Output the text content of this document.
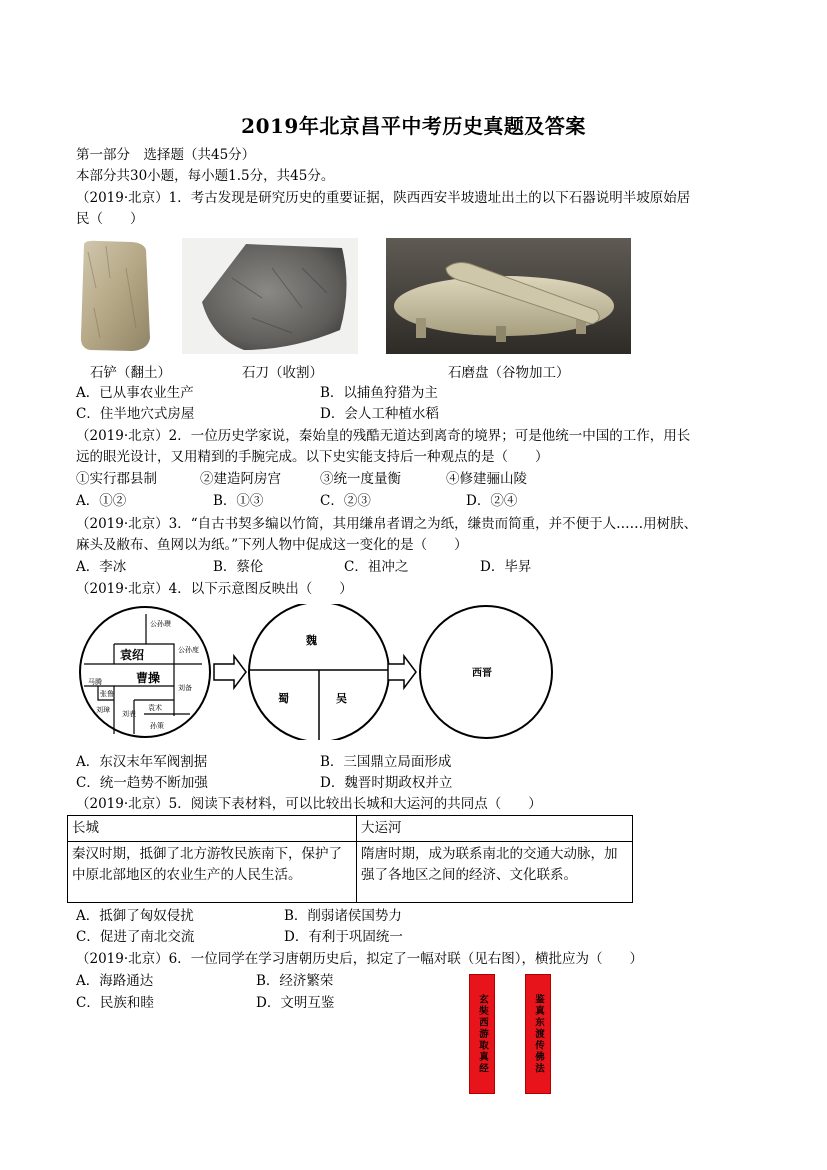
2019年北京昌平中考历史真题及答案
第一部分　选择题（共45分）
本部分共30小题，每小题1.5分，共45分。
（2019·北京）1．考古发现是研究历史的重要证据，陕西西安半坡遗址出土的以下石器说明半坡原始居
民（　　）
石铲（翻土）	石刀（收割）	石磨盘（谷物加工）
A．已从事农业生产	B．以捕鱼狩猎为主
C．住半地穴式房屋	D．会人工种植水稻
（2019·北京）2．一位历史学家说，秦始皇的残酷无道达到离奇的境界；可是他统一中国的工作，用长
远的眼光设计，又用精到的手腕完成。以下史实能支持后一种观点的是（　　）
①实行郡县制	②建造阿房宫	③统一度量衡	④修建骊山陵
A．①②	B．①③	C．②③	D．②④
（2019·北京）3．“自古书契多编以竹简，其用缣帛者谓之为纸，缣贵而简重，并不便于人……用树肤、
麻头及敝布、鱼网以为纸。”下列人物中促成这一变化的是（　　）
A．李冰	B．蔡伦	C．祖冲之	D．毕昇
（2019·北京）4．以下示意图反映出（　　）
公孙瓒
公孙度
袁绍
曹操
马腾
张鲁
刘备
刘璋 刘表
袁术
孙策
魏
蜀	吴
西晋
A．东汉末年军阀割据	B．三国鼎立局面形成
C．统一趋势不断加强	D．魏晋时期政权并立
（2019·北京）5．阅读下表材料，可以比较出长城和大运河的共同点（　　）
长城	大运河
秦汉时期，抵御了北方游牧民族南下，保护了中原北部地区的农业生产的人民生活。	隋唐时期，成为联系南北的交通大动脉，加强了各地区之间的经济、文化联系。
A．抵御了匈奴侵扰	B．削弱诸侯国势力
C．促进了南北交流	D．有利于巩固统一
（2019·北京）6．一位同学在学习唐朝历史后，拟定了一幅对联（见右图），横批应为（　　）
A．海路通达	B．经济繁荣
C．民族和睦	D．文明互鉴	玄奘西游取真经	鉴真东渡传佛法
